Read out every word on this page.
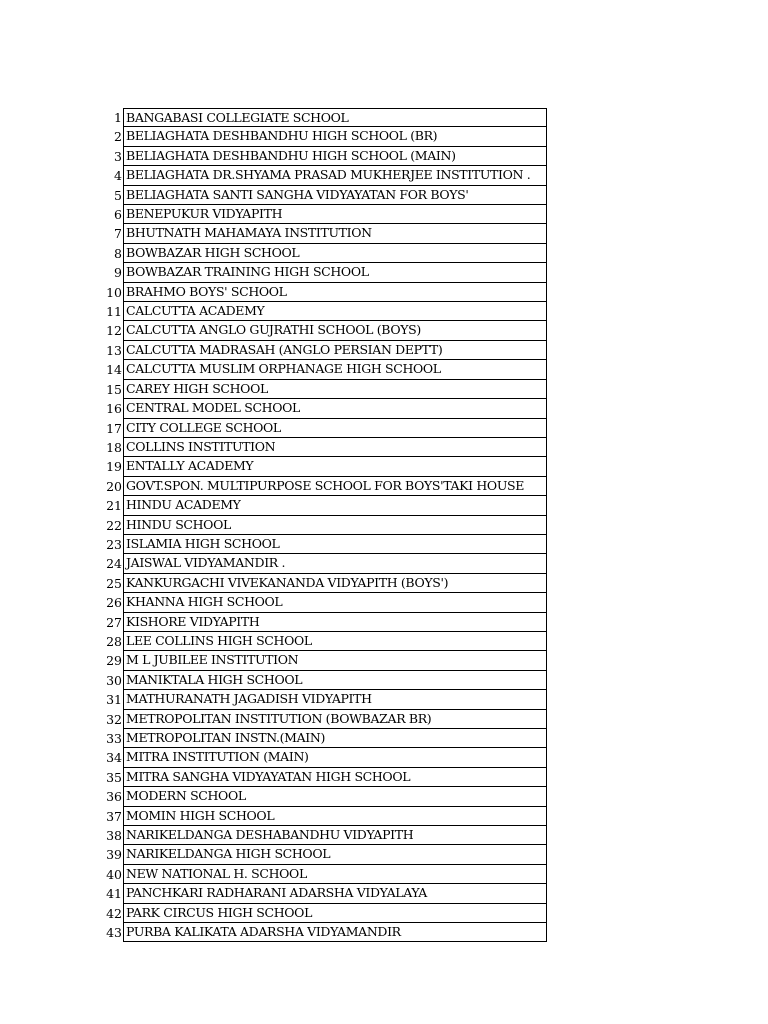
1 BANGABASI COLLEGIATE SCHOOL
2 BELIAGHATA DESHBANDHU HIGH SCHOOL (BR)
3 BELIAGHATA DESHBANDHU HIGH SCHOOL (MAIN)
4 BELIAGHATA DR.SHYAMA PRASAD MUKHERJEE INSTITUTION .
5 BELIAGHATA SANTI SANGHA VIDYAYATAN FOR BOYS'
6 BENEPUKUR VIDYAPITH
7 BHUTNATH MAHAMAYA INSTITUTION
8 BOWBAZAR HIGH SCHOOL
9 BOWBAZAR TRAINING HIGH SCHOOL
10 BRAHMO BOYS' SCHOOL
11 CALCUTTA ACADEMY
12 CALCUTTA ANGLO GUJRATHI SCHOOL (BOYS)
13 CALCUTTA MADRASAH (ANGLO PERSIAN DEPTT)
14 CALCUTTA MUSLIM ORPHANAGE HIGH SCHOOL
15 CAREY HIGH SCHOOL
16 CENTRAL MODEL SCHOOL
17 CITY COLLEGE SCHOOL
18 COLLINS INSTITUTION
19 ENTALLY ACADEMY
20 GOVT.SPON. MULTIPURPOSE SCHOOL FOR BOYS'TAKI HOUSE
21 HINDU ACADEMY
22 HINDU SCHOOL
23 ISLAMIA HIGH SCHOOL
24 JAISWAL VIDYAMANDIR .
25 KANKURGACHI VIVEKANANDA VIDYAPITH (BOYS')
26 KHANNA HIGH SCHOOL
27 KISHORE VIDYAPITH
28 LEE COLLINS HIGH SCHOOL
29 M L JUBILEE INSTITUTION
30 MANIKTALA HIGH SCHOOL
31 MATHURANATH JAGADISH VIDYAPITH
32 METROPOLITAN INSTITUTION (BOWBAZAR BR)
33 METROPOLITAN INSTN.(MAIN)
34 MITRA INSTITUTION (MAIN)
35 MITRA SANGHA VIDYAYATAN HIGH SCHOOL
36 MODERN SCHOOL
37 MOMIN HIGH SCHOOL
38 NARIKELDANGA DESHABANDHU VIDYAPITH
39 NARIKELDANGA HIGH SCHOOL
40 NEW NATIONAL H. SCHOOL
41 PANCHKARI RADHARANI ADARSHA VIDYALAYA
42 PARK CIRCUS HIGH SCHOOL
43 PURBA KALIKATA ADARSHA VIDYAMANDIR
